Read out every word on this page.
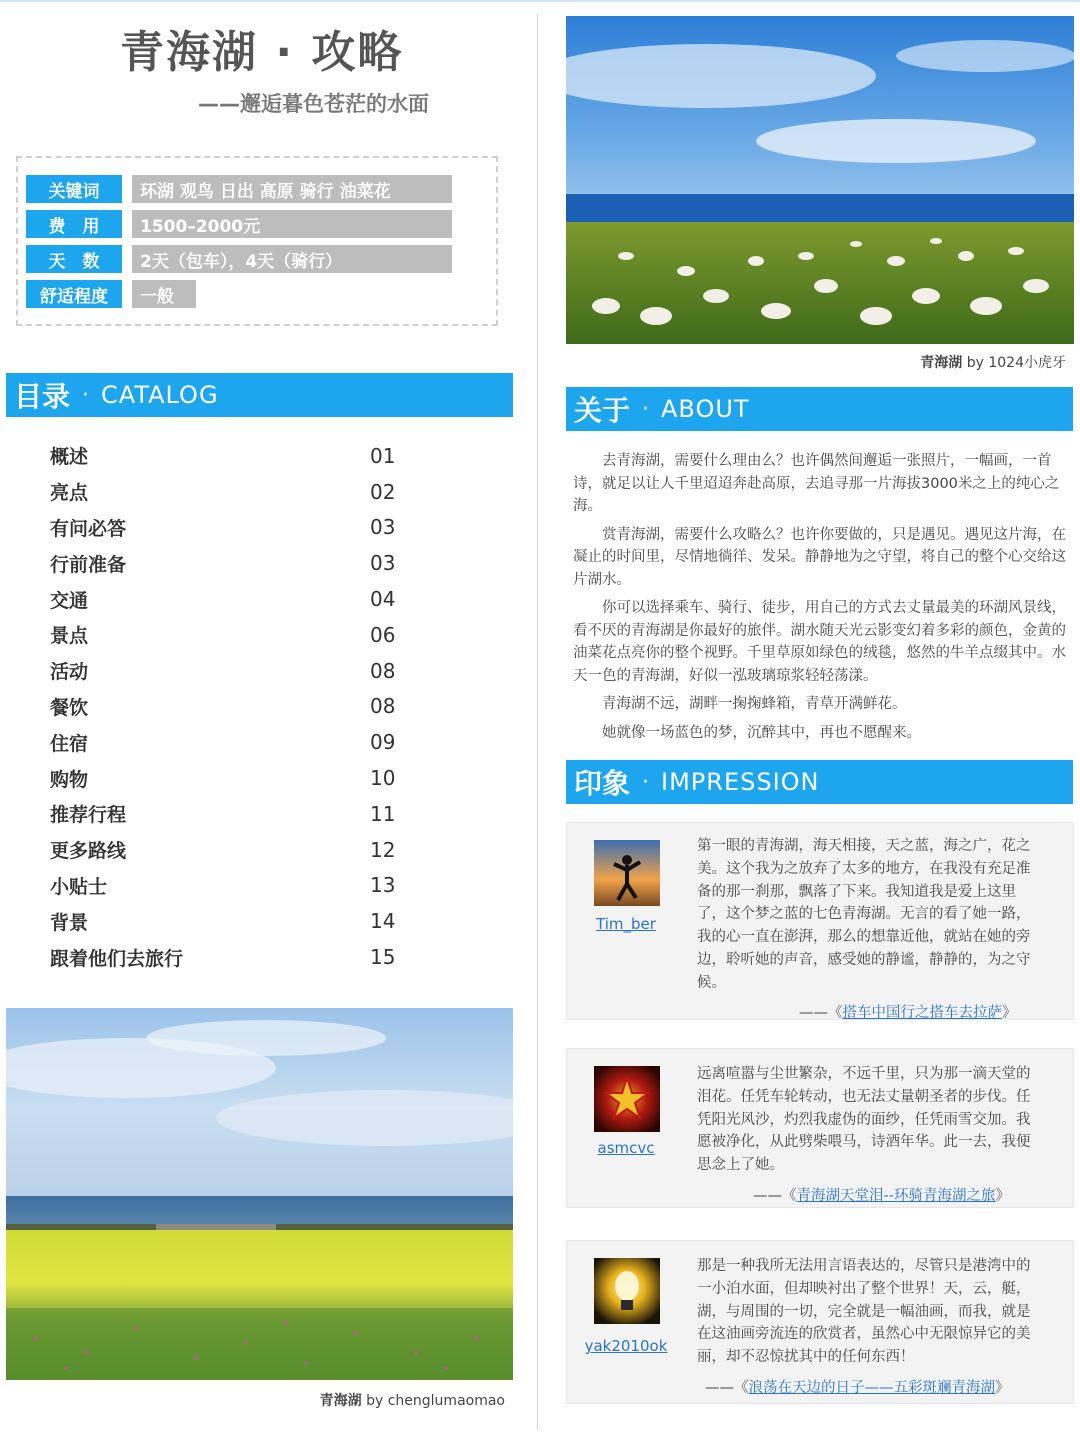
青海湖 · 攻略
——邂逅暮色苍茫的水面
关键词	环湖 观鸟 日出 高原 骑行 油菜花
费　用	1500–2000元
天　数	2天（包车），4天（骑行）
舒适程度	一般
目录 · CATALOG
概述	01
亮点	02
有问必答	03
行前准备	03
交通	04
景点	06
活动	08
餐饮	08
住宿	09
购物	10
推荐行程	11
更多路线	12
小贴士	13
背景	14
跟着他们去旅行	15
青海湖 by chenglumaomao
青海湖 by 1024小虎牙
关于 · ABOUT

去青海湖，需要什么理由么？也许偶然间邂逅一张照片，一幅画，一首诗，就足以让人千里迢迢奔赴高原，去追寻那一片海拔3000米之上的纯心之海。

赏青海湖，需要什么攻略么？也许你要做的，只是遇见。遇见这片海，在凝止的时间里，尽情地徜徉、发呆。静静地为之守望，将自己的整个心交给这片湖水。

你可以选择乘车、骑行、徒步，用自己的方式去丈量最美的环湖风景线，看不厌的青海湖是你最好的旅伴。湖水随天光云影变幻着多彩的颜色，金黄的油菜花点亮你的整个视野。千里草原如绿色的绒毯，悠然的牛羊点缀其中。水天一色的青海湖，好似一泓玻璃琼浆轻轻荡漾。

青海湖不远，湖畔一掬掬蜂箱，青草开满鲜花。

她就像一场蓝色的梦，沉醉其中，再也不愿醒来。

印象 · IMPRESSION
Tim_ber
第一眼的青海湖，海天相接，天之蓝，海之广，花之美。这个我为之放弃了太多的地方，在我没有充足准备的那一刹那，飘落了下来。我知道我是爱上这里了，这个梦之蓝的七色青海湖。无言的看了她一路，我的心一直在澎湃，那么的想靠近他，就站在她的旁边，聆听她的声音，感受她的静谧，静静的，为之守候。
——《搭车中国行之搭车去拉萨》
asmcvc
远离喧嚣与尘世繁杂，不远千里，只为那一滴天堂的泪花。任凭车轮转动，也无法丈量朝圣者的步伐。任凭阳光风沙，灼烈我虚伪的面纱，任凭雨雪交加。我愿被净化，从此劈柴喂马，诗酒年华。此一去，我便思念上了她。
——《青海湖天堂泪--环骑青海湖之旅》
yak2010ok
那是一种我所无法用言语表达的，尽管只是港湾中的一小泊水面，但却映衬出了整个世界！天，云，艇，湖，与周围的一切，完全就是一幅油画，而我，就是在这油画旁流连的欣赏者，虽然心中无限惊异它的美丽，却不忍惊扰其中的任何东西！
——《浪荡在天边的日子——五彩斑斓青海湖》
